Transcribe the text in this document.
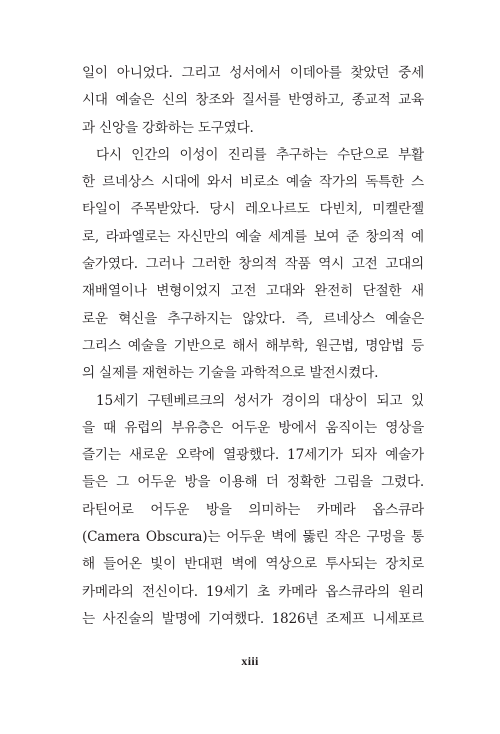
일이 아니었다. 그리고 성서에서 이데아를 찾았던 중세
시대 예술은 신의 창조와 질서를 반영하고, 종교적 교육
과 신앙을 강화하는 도구였다.
다시 인간의 이성이 진리를 추구하는 수단으로 부활
한 르네상스 시대에 와서 비로소 예술 작가의 독특한 스
타일이 주목받았다. 당시 레오나르도 다빈치, 미켈란젤
로, 라파엘로는 자신만의 예술 세계를 보여 준 창의적 예
술가였다. 그러나 그러한 창의적 작품 역시 고전 고대의
재배열이나 변형이었지 고전 고대와 완전히 단절한 새
로운 혁신을 추구하지는 않았다. 즉, 르네상스 예술은
그리스 예술을 기반으로 해서 해부학, 원근법, 명암법 등
의 실제를 재현하는 기술을 과학적으로 발전시켰다.
15세기 구텐베르크의 성서가 경이의 대상이 되고 있
을 때 유럽의 부유층은 어두운 방에서 움직이는 영상을
즐기는 새로운 오락에 열광했다. 17세기가 되자 예술가
들은 그 어두운 방을 이용해 더 정확한 그림을 그렸다.
라틴어로 어두운 방을 의미하는 카메라 옵스큐라
(Camera Obscura)는 어두운 벽에 뚫린 작은 구멍을 통
해 들어온 빛이 반대편 벽에 역상으로 투사되는 장치로
카메라의 전신이다. 19세기 초 카메라 옵스큐라의 원리
는 사진술의 발명에 기여했다. 1826년 조제프 니세포르
xiii
